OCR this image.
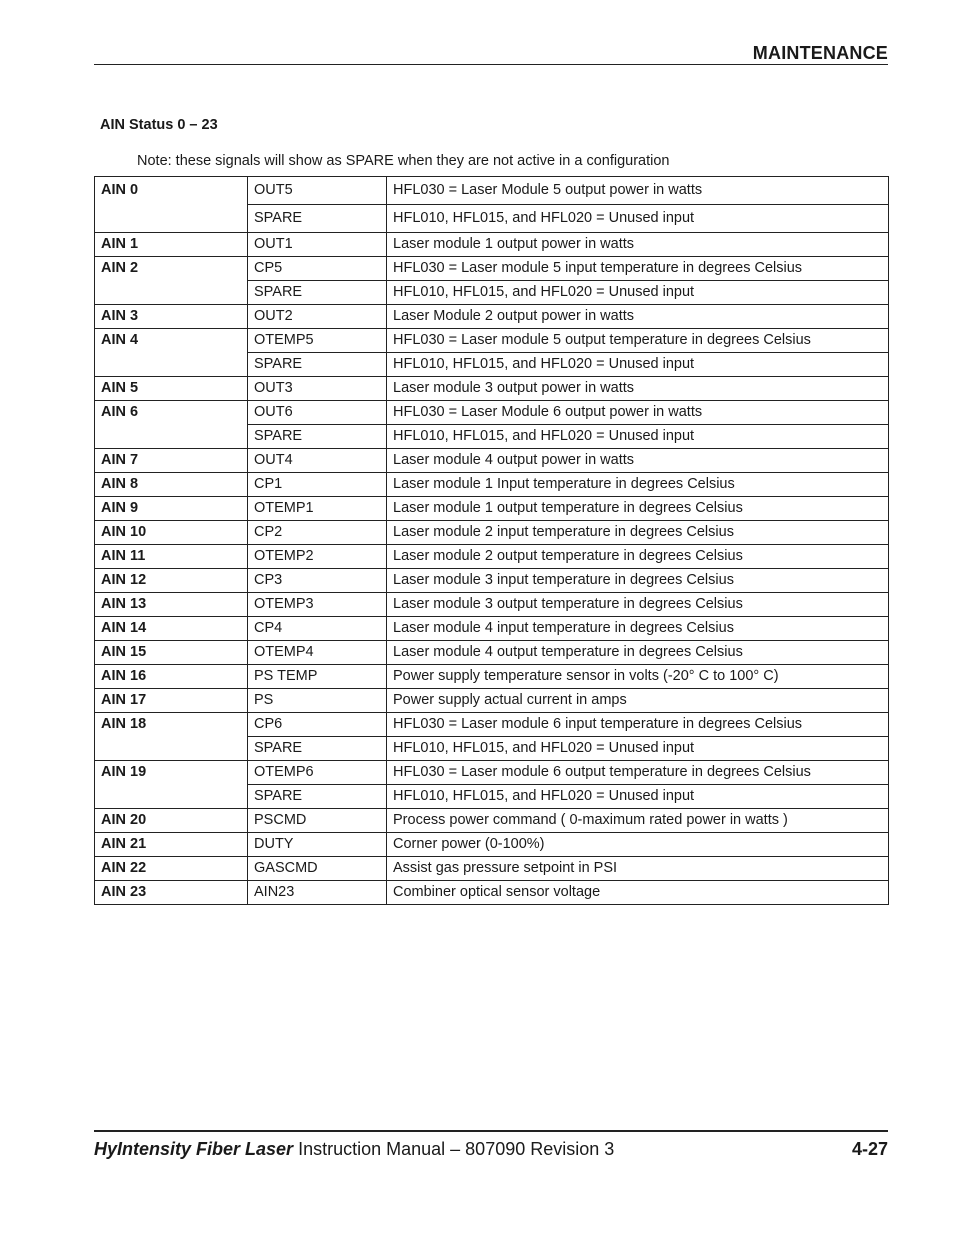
MAINTENANCE
AIN Status 0 – 23
Note: these signals will show as SPARE when they are not active in a configuration
AIN 0	OUT5	HFL030 = Laser Module 5 output power in watts
	SPARE	HFL010, HFL015, and HFL020 = Unused input
AIN 1	OUT1	Laser module 1 output power in watts
AIN 2	CP5	HFL030 = Laser module 5 input temperature in degrees Celsius
	SPARE	HFL010, HFL015, and HFL020 = Unused input
AIN 3	OUT2	Laser Module 2 output power in watts
AIN 4	OTEMP5	HFL030 = Laser module 5 output temperature in degrees Celsius
	SPARE	HFL010, HFL015, and HFL020 = Unused input
AIN 5	OUT3	Laser module 3 output power in watts
AIN 6	OUT6	HFL030 = Laser Module 6 output power in watts
	SPARE	HFL010, HFL015, and HFL020 = Unused input
AIN 7	OUT4	Laser module 4 output power in watts
AIN 8	CP1	Laser module 1 Input temperature in degrees Celsius
AIN 9	OTEMP1	Laser module 1 output temperature in degrees Celsius
AIN 10	CP2	Laser module 2 input temperature in degrees Celsius
AIN 11	OTEMP2	Laser module 2 output temperature in degrees Celsius
AIN 12	CP3	Laser module 3 input temperature in degrees Celsius
AIN 13	OTEMP3	Laser module 3 output temperature in degrees Celsius
AIN 14	CP4	Laser module 4 input temperature in degrees Celsius
AIN 15	OTEMP4	Laser module 4 output temperature in degrees Celsius
AIN 16	PS TEMP	Power supply temperature sensor in volts (-20° C to 100° C)
AIN 17	PS	Power supply actual current in amps
AIN 18	CP6	HFL030 = Laser module 6 input temperature in degrees Celsius
	SPARE	HFL010, HFL015, and HFL020 = Unused input
AIN 19	OTEMP6	HFL030 = Laser module 6 output temperature in degrees Celsius
	SPARE	HFL010, HFL015, and HFL020 = Unused input
AIN 20	PSCMD	Process power command ( 0-maximum rated power in watts )
AIN 21	DUTY	Corner power (0-100%)
AIN 22	GASCMD	Assist gas pressure setpoint in PSI
AIN 23	AIN23	Combiner optical sensor voltage
HyIntensity Fiber Laser Instruction Manual – 807090 Revision 3	4-27
